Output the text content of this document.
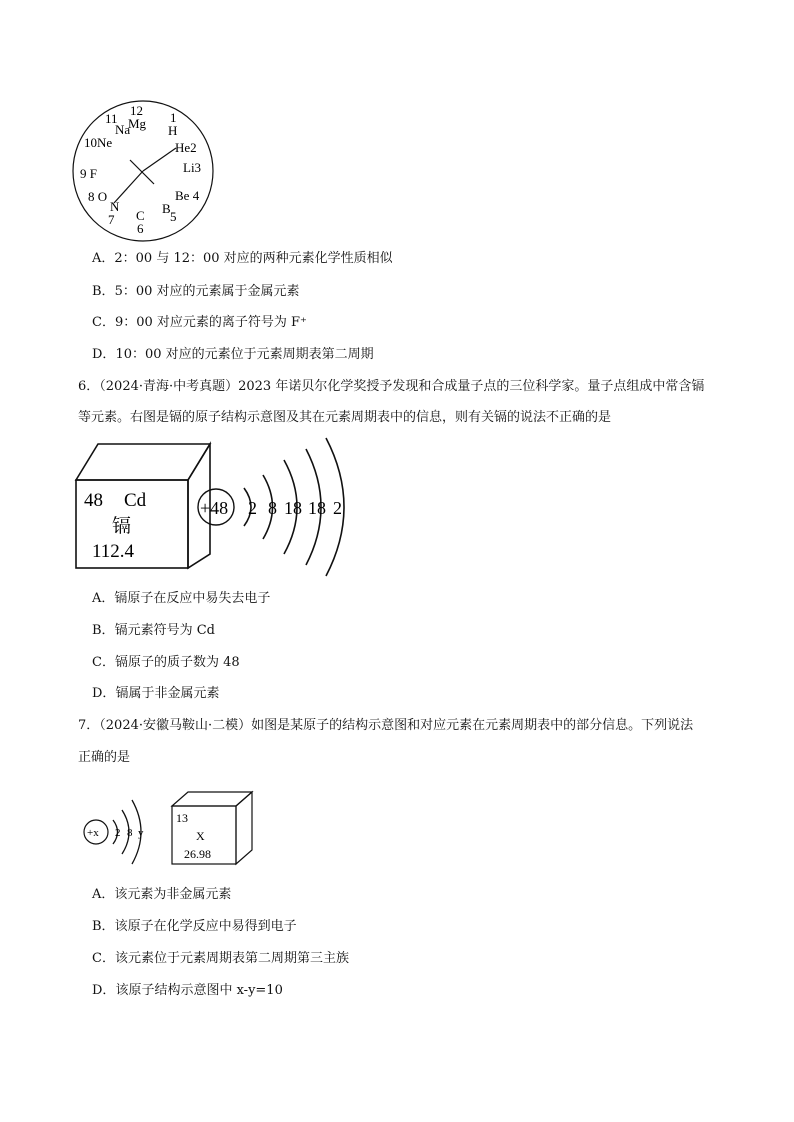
12
Mg 1
H
11
Na
10Ne	He2
Li3
9 F
Be 4
8 O
N
7 C
6
B
5
A．2：00 与 12：00 对应的两种元素化学性质相似
B．5：00 对应的元素属于金属元素
C．9：00 对应元素的离子符号为 F⁺
D．10：00 对应的元素位于元素周期表第二周期
6．（2024·青海·中考真题）2023 年诺贝尔化学奖授予发现和合成量子点的三位科学家。量子点组成中常含镉
等元素。右图是镉的原子结构示意图及其在元素周期表中的信息，则有关镉的说法不正确的是
48 Cd
镉
112.4
+48 2 8 18 18 2
A．镉原子在反应中易失去电子
B．镉元素符号为 Cd
C．镉原子的质子数为 48
D．镉属于非金属元素
7．（2024·安徽马鞍山·二模）如图是某原子的结构示意图和对应元素在元素周期表中的部分信息。下列说法
正确的是
+x 2 8 y
13
X
26.98
A．该元素为非金属元素
B．该原子在化学反应中易得到电子
C．该元素位于元素周期表第二周期第三主族
D．该原子结构示意图中 x-y=10
